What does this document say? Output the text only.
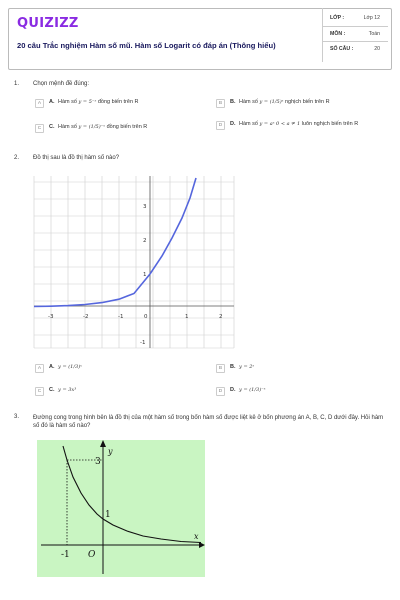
QUIZIZZ
20 câu Trắc nghiệm Hàm số mũ. Hàm số Logarit có đáp án (Thông hiểu)
LỚP :	Lớp 12
MÔN :	Toán
SỐ CÂU :	20
1. Chọn mệnh đề đúng:
A	A. Hàm số y = 5⁻ˣ đồng biến trên R	B	B. Hàm số y = (1/5)ˣ nghịch biến trên R
C	C. Hàm số y = (1/5)⁻ˣ đồng biến trên R	D	D. Hàm số y = aˣ 0 < a ≠ 1 luôn nghịch biến trên R
2. Đồ thị sau là đồ thị hàm số nào?
-3	-2	-1	0	1	2
3
2
1
-1
A	A. y = (1/3)ˣ	B	B. y = 2ˣ
C	C. y = 3x³	D	D. y = (1/3)⁻ˣ
3. Đường cong trong hình bên là đồ thị của một hàm số trong bốn hàm số được liệt kê ở bốn phương án A, B, C, D dưới đây. Hỏi hàm số đó là hàm số nào?
y
x
3
1
-1 O
